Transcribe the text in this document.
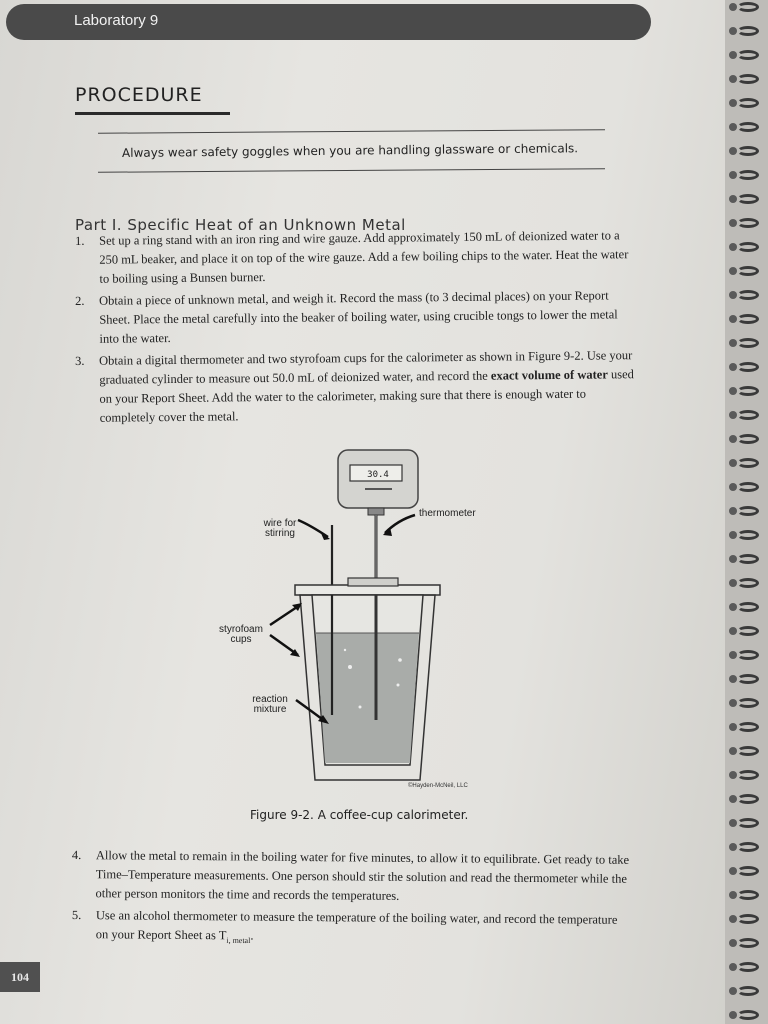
Laboratory 9
PROCEDURE
Always wear safety goggles when you are handling glassware or chemicals.
Part I. Specific Heat of an Unknown Metal
1. Set up a ring stand with an iron ring and wire gauze. Add approximately 150 mL of deionized water to a 250 mL beaker, and place it on top of the wire gauze. Add a few boiling chips to the water. Heat the water to boiling using a Bunsen burner.
2. Obtain a piece of unknown metal, and weigh it. Record the mass (to 3 decimal places) on your Report Sheet. Place the metal carefully into the beaker of boiling water, using crucible tongs to lower the metal into the water.
3. Obtain a digital thermometer and two styrofoam cups for the calorimeter as shown in Figure 9-2. Use your graduated cylinder to measure out 50.0 mL of deionized water, and record the exact volume of water used on your Report Sheet. Add the water to the calorimeter, making sure that there is enough water to completely cover the metal.
30.4
thermometer
wire for stirring
styrofoam cups
reaction mixture
©Hayden-McNeil, LLC
Figure 9-2. A coffee-cup calorimeter.
4. Allow the metal to remain in the boiling water for five minutes, to allow it to equilibrate. Get ready to take Time–Temperature measurements. One person should stir the solution and read the thermometer while the other person monitors the time and records the temperatures.
5. Use an alcohol thermometer to measure the temperature of the boiling water, and record the temperature on your Report Sheet as $T_{i, metal}$.
104
